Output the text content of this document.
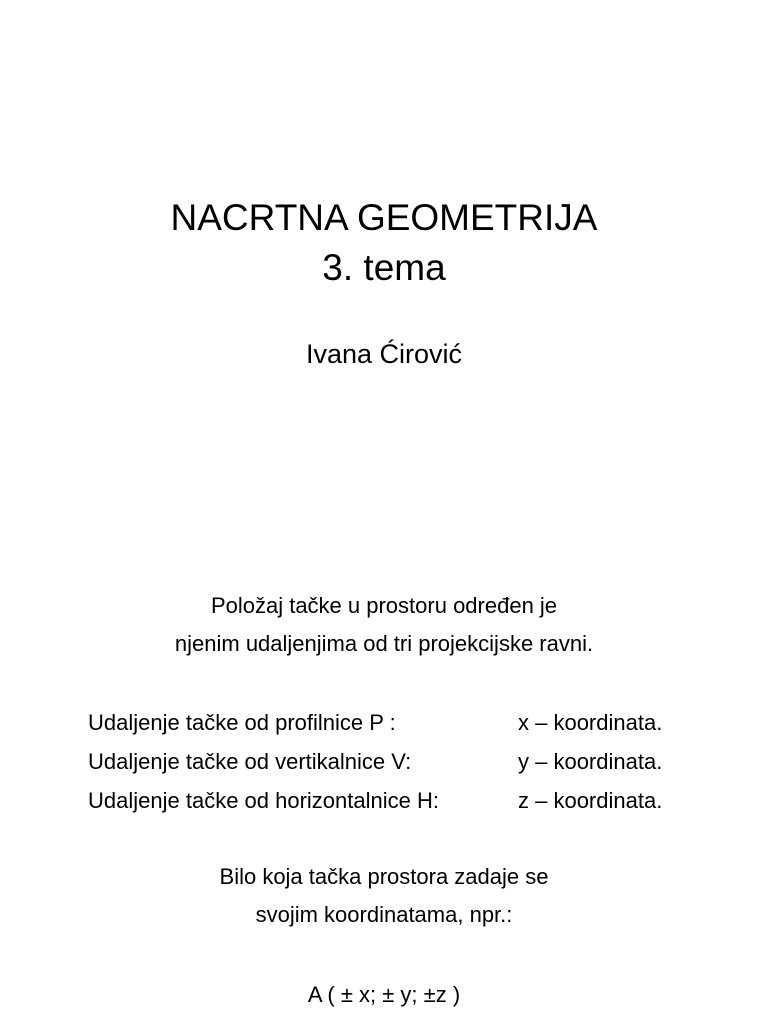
NACRTNA GEOMETRIJA
3. tema
Ivana Ćirović
Položaj tačke u prostoru određen je
njenim udaljenjima od tri projekcijske ravni.
Udaljenje tačke od profilnice P :	x – koordinata.
Udaljenje tačke od vertikalnice V:	y – koordinata.
Udaljenje tačke od horizontalnice H:	z – koordinata.
Bilo koja tačka prostora zadaje se
svojim koordinatama, npr.:
A ( ± x; ± y; ±z )
